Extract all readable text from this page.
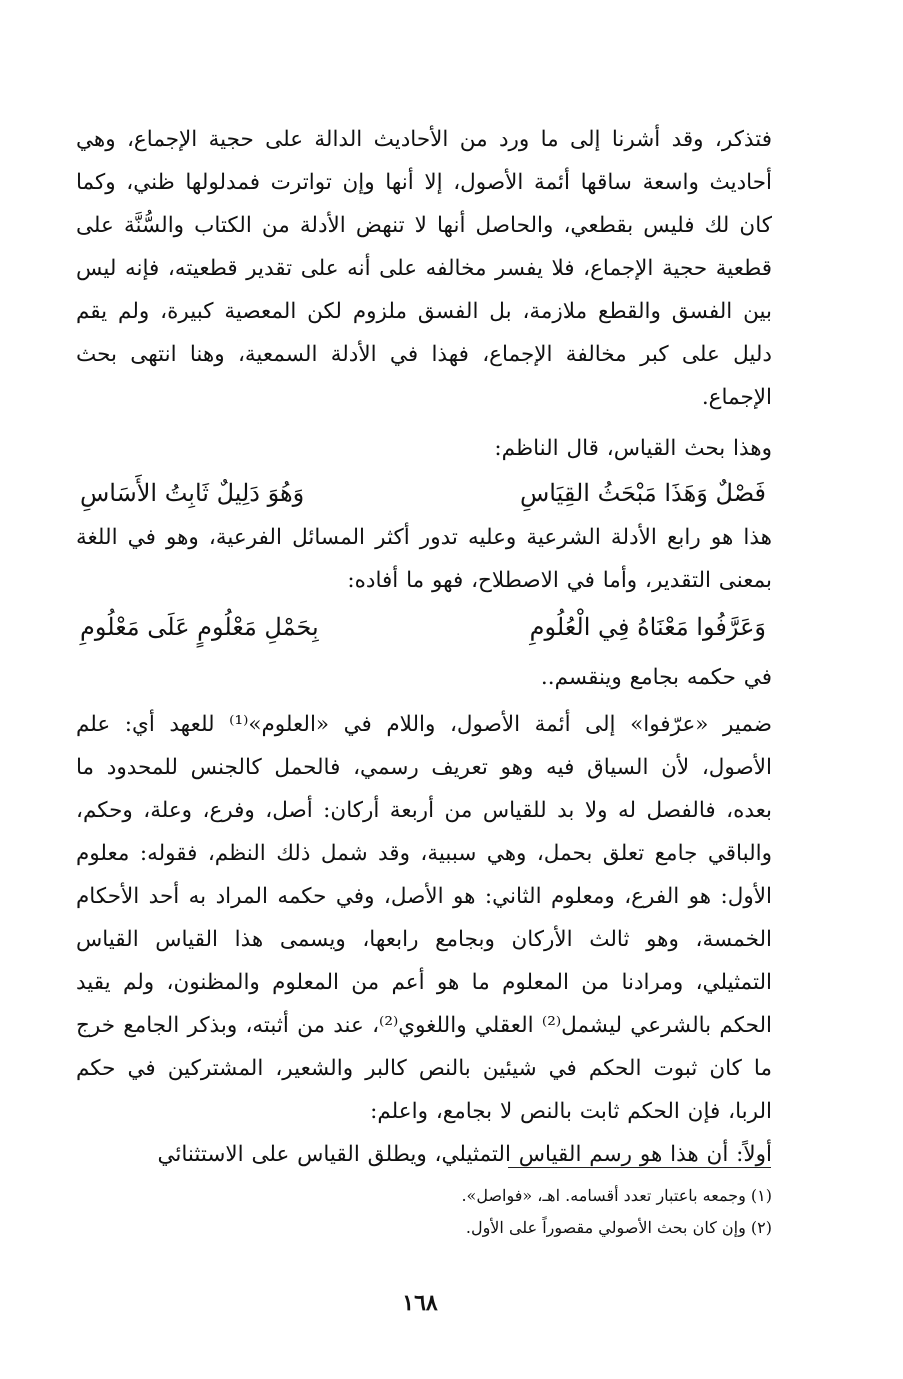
فتذكر، وقد أشرنا إلى ما ورد من الأحاديث الدالة على حجية الإجماع، وهي أحاديث واسعة ساقها أئمة الأصول، إلا أنها وإن تواترت فمدلولها ظني، وكما كان لك فليس بقطعي، والحاصل أنها لا تنهض الأدلة من الكتاب والسُّنَّة على قطعية حجية الإجماع، فلا يفسر مخالفه على أنه على تقدير قطعيته، فإنه ليس بين الفسق والقطع ملازمة، بل الفسق ملزوم لكن المعصية كبيرة، ولم يقم دليل على كبر مخالفة الإجماع، فهذا في الأدلة السمعية، وهنا انتهى بحث الإجماع.

وهذا بحث القياس، قال الناظم:

فَصْلٌ وَهَذَا مَبْحَثُ القِيَاسِ
وَهُوَ دَلِيلٌ ثَابِتُ الأَسَاسِ

هذا هو رابع الأدلة الشرعية وعليه تدور أكثر المسائل الفرعية، وهو في اللغة بمعنى التقدير، وأما في الاصطلاح، فهو ما أفاده:

وَعَرَّفُوا مَعْنَاهُ فِي الْعُلُومِ
بِحَمْلِ مَعْلُومٍ عَلَى مَعْلُومِ

في حكمه بجامع وينقسم..

ضمير «عرّفوا» إلى أئمة الأصول، واللام في «العلوم»⁽¹⁾ للعهد أي: علم الأصول، لأن السياق فيه وهو تعريف رسمي، فالحمل كالجنس للمحدود ما بعده، فالفصل له ولا بد للقياس من أربعة أركان: أصل، وفرع، وعلة، وحكم، والباقي جامع تعلق بحمل، وهي سببية، وقد شمل ذلك النظم، فقوله: معلوم الأول: هو الفرع، ومعلوم الثاني: هو الأصل، وفي حكمه المراد به أحد الأحكام الخمسة، وهو ثالث الأركان وبجامع رابعها، ويسمى هذا القياس القياس التمثيلي، ومرادنا من المعلوم ما هو أعم من المعلوم والمظنون، ولم يقيد الحكم بالشرعي ليشمل⁽²⁾ العقلي واللغوي⁽²⁾، عند من أثبته، وبذكر الجامع خرج ما كان ثبوت الحكم في شيئين بالنص كالبر والشعير، المشتركين في حكم الربا، فإن الحكم ثابت بالنص لا بجامع، واعلم:

أولاً: أن هذا هو رسم القياس التمثيلي، ويطلق القياس على الاستثنائي

(١) وجمعه باعتبار تعدد أقسامه. اهـ، «فواصل».
(٢) وإن كان بحث الأصولي مقصوراً على الأول.
١٦٨
